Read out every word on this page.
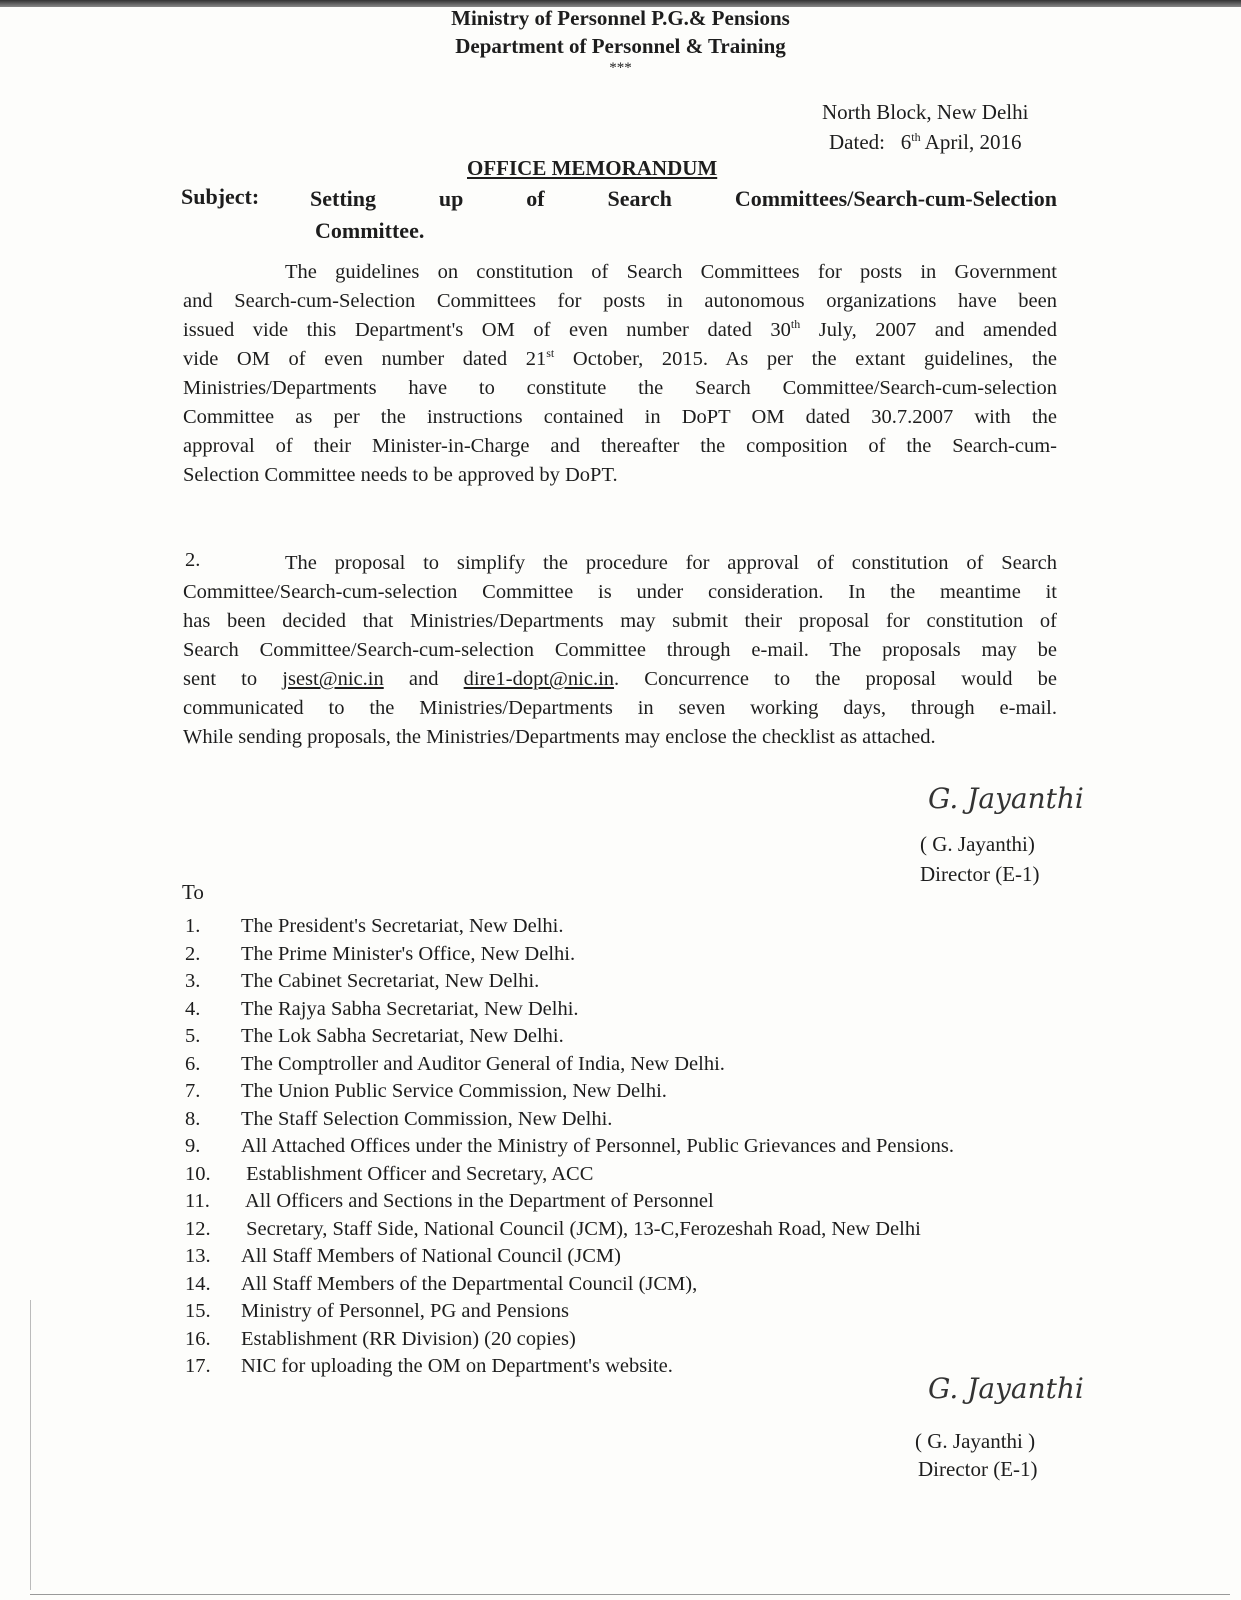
Ministry of Personnel P.G.& Pensions
Department of Personnel & Training
***
North Block, New Delhi
Dated: 6th April, 2016
OFFICE MEMORANDUM
Subject: Setting	up	of	Search	Committees/Search-cum-Selection
Committee.
The guidelines on constitution of Search Committees for posts in Government
and Search-cum-Selection Committees for posts in autonomous organizations have been
issued vide this Department's OM of even number dated 30th July, 2007 and amended
vide OM of even number dated 21st October, 2015. As per the extant guidelines, the
Ministries/Departments have to constitute the Search Committee/Search-cum-selection
Committee as per the instructions contained in DoPT OM dated 30.7.2007 with the
approval of their Minister-in-Charge and thereafter the composition of the Search-cum-
Selection Committee needs to be approved by DoPT.
2.	The proposal to simplify the procedure for approval of constitution of Search
Committee/Search-cum-selection Committee is under consideration. In the meantime it
has been decided that Ministries/Departments may submit their proposal for constitution of
Search Committee/Search-cum-selection Committee through e-mail. The proposals may be
sent to jsest@nic.in and dire1-dopt@nic.in. Concurrence to the proposal would be
communicated to the Ministries/Departments in seven working days, through e-mail.
While sending proposals, the Ministries/Departments may enclose the checklist as attached.
G. Jayanthi
( G. Jayanthi)
Director (E-1)
To
1.	The President's Secretariat, New Delhi.
2.	The Prime Minister's Office, New Delhi.
3.	The Cabinet Secretariat, New Delhi.
4.	The Rajya Sabha Secretariat, New Delhi.
5.	The Lok Sabha Secretariat, New Delhi.
6.	The Comptroller and Auditor General of India, New Delhi.
7.	The Union Public Service Commission, New Delhi.
8.	The Staff Selection Commission, New Delhi.
9.	All Attached Offices under the Ministry of Personnel, Public Grievances and Pensions.
10.	Establishment Officer and Secretary, ACC
11.	All Officers and Sections in the Department of Personnel
12.	Secretary, Staff Side, National Council (JCM), 13-C,Ferozeshah Road, New Delhi
13.	All Staff Members of National Council (JCM)
14.	All Staff Members of the Departmental Council (JCM),
15.	Ministry of Personnel, PG and Pensions
16.	Establishment (RR Division) (20 copies)
17.	NIC for uploading the OM on Department's website.
G. Jayanthi
( G. Jayanthi )
Director (E-1)
